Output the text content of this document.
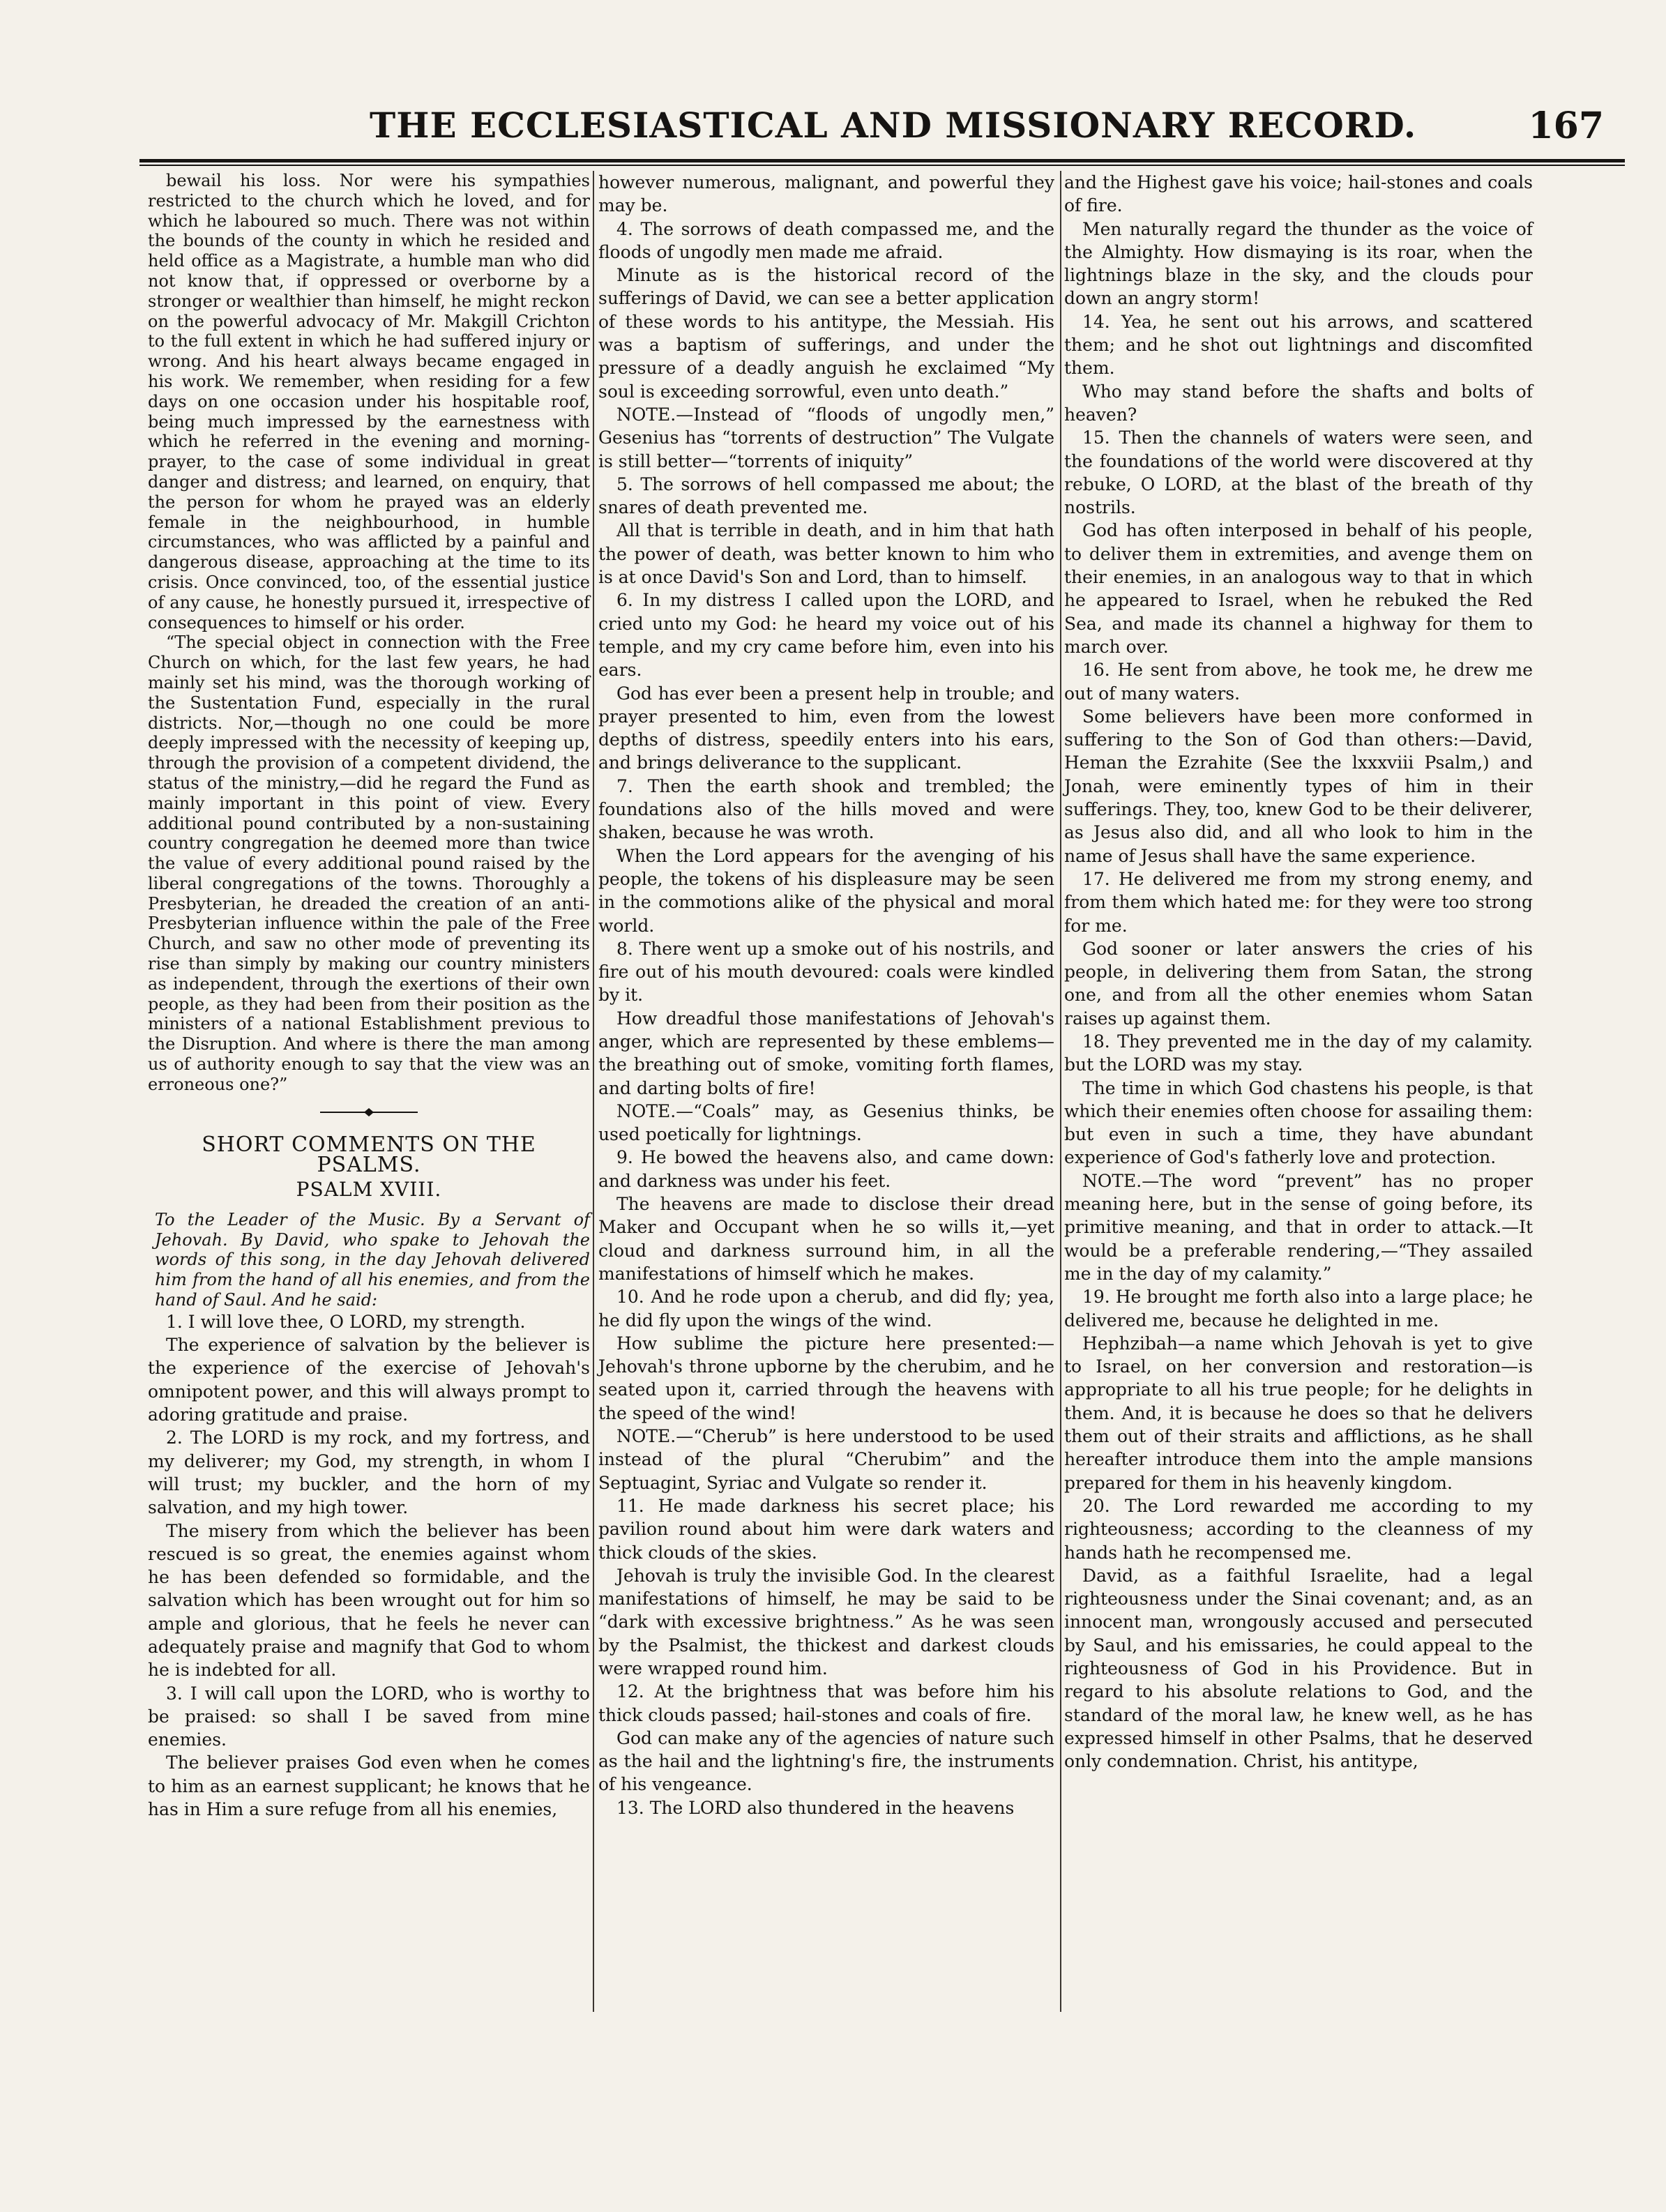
THE ECCLESIASTICAL AND MISSIONARY RECORD.	167

bewail his loss. Nor were his sympathies restricted to the church which he loved, and for which he laboured so much. There was not within the bounds of the county in which he resided and held office as a Magistrate, a humble man who did not know that, if oppressed or overborne by a stronger or wealthier than himself, he might reckon on the powerful advocacy of Mr. Makgill Crichton to the full extent in which he had suffered injury or wrong. And his heart always became engaged in his work. We remember, when residing for a few days on one occasion under his hospitable roof, being much impressed by the earnestness with which he referred in the evening and morning-prayer, to the case of some individual in great danger and distress; and learned, on enquiry, that the person for whom he prayed was an elderly female in the neighbourhood, in humble circumstances, who was afflicted by a painful and dangerous disease, approaching at the time to its crisis. Once convinced, too, of the essential justice of any cause, he honestly pursued it, irrespective of consequences to himself or his order.

“The special object in connection with the Free Church on which, for the last few years, he had mainly set his mind, was the thorough working of the Sustentation Fund, especially in the rural districts. Nor,—though no one could be more deeply impressed with the necessity of keeping up, through the provision of a competent dividend, the status of the ministry,—did he regard the Fund as mainly important in this point of view. Every additional pound contributed by a non-sustaining country congregation he deemed more than twice the value of every additional pound raised by the liberal congregations of the towns. Thoroughly a Presbyterian, he dreaded the creation of an anti-Presbyterian influence within the pale of the Free Church, and saw no other mode of preventing its rise than simply by making our country ministers as independent, through the exertions of their own people, as they had been from their position as the ministers of a national Establishment previous to the Disruption. And where is there the man among us of authority enough to say that the view was an erroneous one?”

SHORT COMMENTS ON THE PSALMS.
PSALM XVIII.

To the Leader of the Music. By a Servant of Jehovah. By David, who spake to Jehovah the words of this song, in the day Jehovah delivered him from the hand of all his enemies, and from the hand of Saul. And he said:

1. I will love thee, O LORD, my strength.

The experience of salvation by the believer is the experience of the exercise of Jehovah's omnipotent power, and this will always prompt to adoring gratitude and praise.

2. The LORD is my rock, and my fortress, and my deliverer; my God, my strength, in whom I will trust; my buckler, and the horn of my salvation, and my high tower.

The misery from which the believer has been rescued is so great, the enemies against whom he has been defended so formidable, and the salvation which has been wrought out for him so ample and glorious, that he feels he never can adequately praise and magnify that God to whom he is indebted for all.

3. I will call upon the LORD, who is worthy to be praised: so shall I be saved from mine enemies.

The believer praises God even when he comes to him as an earnest supplicant; he knows that he has in Him a sure refuge from all his enemies,

however numerous, malignant, and powerful they may be.

4. The sorrows of death compassed me, and the floods of ungodly men made me afraid.

Minute as is the historical record of the sufferings of David, we can see a better application of these words to his antitype, the Messiah. His was a baptism of sufferings, and under the pressure of a deadly anguish he exclaimed “My soul is exceeding sorrowful, even unto death.”

NOTE.—Instead of “floods of ungodly men,” Gesenius has “torrents of destruction” The Vulgate is still better—“torrents of iniquity”

5. The sorrows of hell compassed me about; the snares of death prevented me.

All that is terrible in death, and in him that hath the power of death, was better known to him who is at once David's Son and Lord, than to himself.

6. In my distress I called upon the LORD, and cried unto my God: he heard my voice out of his temple, and my cry came before him, even into his ears.

God has ever been a present help in trouble; and prayer presented to him, even from the lowest depths of distress, speedily enters into his ears, and brings deliverance to the supplicant.

7. Then the earth shook and trembled; the foundations also of the hills moved and were shaken, because he was wroth.

When the Lord appears for the avenging of his people, the tokens of his displeasure may be seen in the commotions alike of the physical and moral world.

8. There went up a smoke out of his nostrils, and fire out of his mouth devoured: coals were kindled by it.

How dreadful those manifestations of Jehovah's anger, which are represented by these emblems—the breathing out of smoke, vomiting forth flames, and darting bolts of fire!

NOTE.—“Coals” may, as Gesenius thinks, be used poetically for lightnings.

9. He bowed the heavens also, and came down: and darkness was under his feet.

The heavens are made to disclose their dread Maker and Occupant when he so wills it,—yet cloud and darkness surround him, in all the manifestations of himself which he makes.

10. And he rode upon a cherub, and did fly; yea, he did fly upon the wings of the wind.

How sublime the picture here presented:—Jehovah's throne upborne by the cherubim, and he seated upon it, carried through the heavens with the speed of the wind!

NOTE.—“Cherub” is here understood to be used instead of the plural “Cherubim” and the Septuagint, Syriac and Vulgate so render it.

11. He made darkness his secret place; his pavilion round about him were dark waters and thick clouds of the skies.

Jehovah is truly the invisible God. In the clearest manifestations of himself, he may be said to be “dark with excessive brightness.” As he was seen by the Psalmist, the thickest and darkest clouds were wrapped round him.

12. At the brightness that was before him his thick clouds passed; hail-stones and coals of fire.

God can make any of the agencies of nature such as the hail and the lightning's fire, the instruments of his vengeance.

13. The LORD also thundered in the heavens

and the Highest gave his voice; hail-stones and coals of fire.

Men naturally regard the thunder as the voice of the Almighty. How dismaying is its roar, when the lightnings blaze in the sky, and the clouds pour down an angry storm!

14. Yea, he sent out his arrows, and scattered them; and he shot out lightnings and discomfited them.

Who may stand before the shafts and bolts of heaven?

15. Then the channels of waters were seen, and the foundations of the world were discovered at thy rebuke, O LORD, at the blast of the breath of thy nostrils.

God has often interposed in behalf of his people, to deliver them in extremities, and avenge them on their enemies, in an analogous way to that in which he appeared to Israel, when he rebuked the Red Sea, and made its channel a highway for them to march over.

16. He sent from above, he took me, he drew me out of many waters.

Some believers have been more conformed in suffering to the Son of God than others:—David, Heman the Ezrahite (See the lxxxviii Psalm,) and Jonah, were eminently types of him in their sufferings. They, too, knew God to be their deliverer, as Jesus also did, and all who look to him in the name of Jesus shall have the same experience.

17. He delivered me from my strong enemy, and from them which hated me: for they were too strong for me.

God sooner or later answers the cries of his people, in delivering them from Satan, the strong one, and from all the other enemies whom Satan raises up against them.

18. They prevented me in the day of my calamity. but the LORD was my stay.

The time in which God chastens his people, is that which their enemies often choose for assailing them: but even in such a time, they have abundant experience of God's fatherly love and protection.

NOTE.—The word “prevent” has no proper meaning here, but in the sense of going before, its primitive meaning, and that in order to attack.—It would be a preferable rendering,—“They assailed me in the day of my calamity.”

19. He brought me forth also into a large place; he delivered me, because he delighted in me.

Hephzibah—a name which Jehovah is yet to give to Israel, on her conversion and restoration—is appropriate to all his true people; for he delights in them. And, it is because he does so that he delivers them out of their straits and afflictions, as he shall hereafter introduce them into the ample mansions prepared for them in his heavenly kingdom.

20. The Lord rewarded me according to my righteousness; according to the cleanness of my hands hath he recompensed me.

David, as a faithful Israelite, had a legal righteousness under the Sinai covenant; and, as an innocent man, wrongously accused and persecuted by Saul, and his emissaries, he could appeal to the righteousness of God in his Providence. But in regard to his absolute relations to God, and the standard of the moral law, he knew well, as he has expressed himself in other Psalms, that he deserved only condemnation. Christ, his antitype,
